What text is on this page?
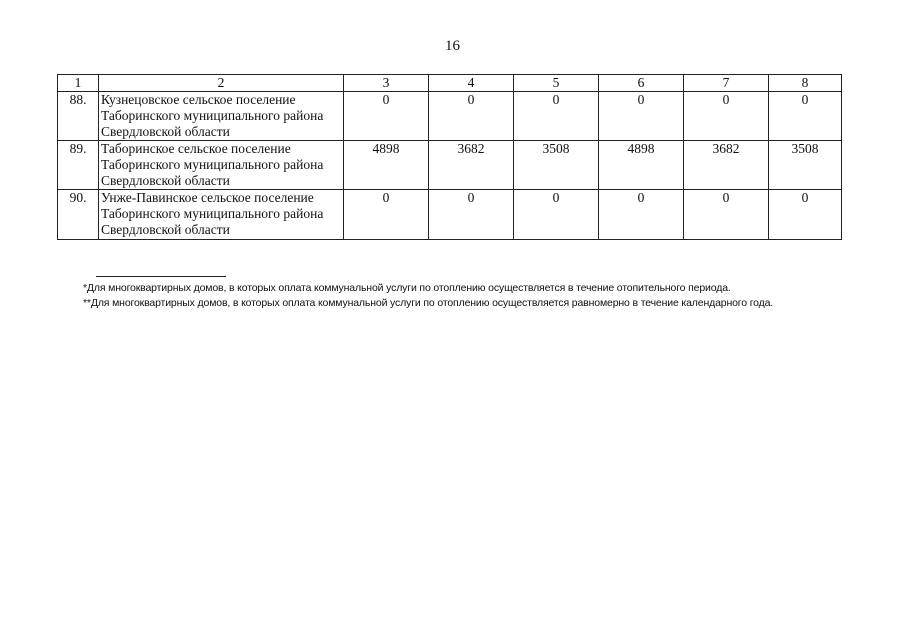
16
1	2	3	4	5	6	7	8
88.	Кузнецовское сельское поселение Таборинского муниципального района Свердловской области	0	0	0	0	0	0
89.	Таборинское сельское поселение Таборинского муниципального района Свердловской области	4898	3682	3508	4898	3682	3508
90.	Унже-Павинское сельское поселение Таборинского муниципального района Свердловской области	0	0	0	0	0	0
*Для многоквартирных домов, в которых оплата коммунальной услуги по отоплению осуществляется в течение отопительного периода.
**Для многоквартирных домов, в которых оплата коммунальной услуги по отоплению осуществляется равномерно в течение календарного года.
